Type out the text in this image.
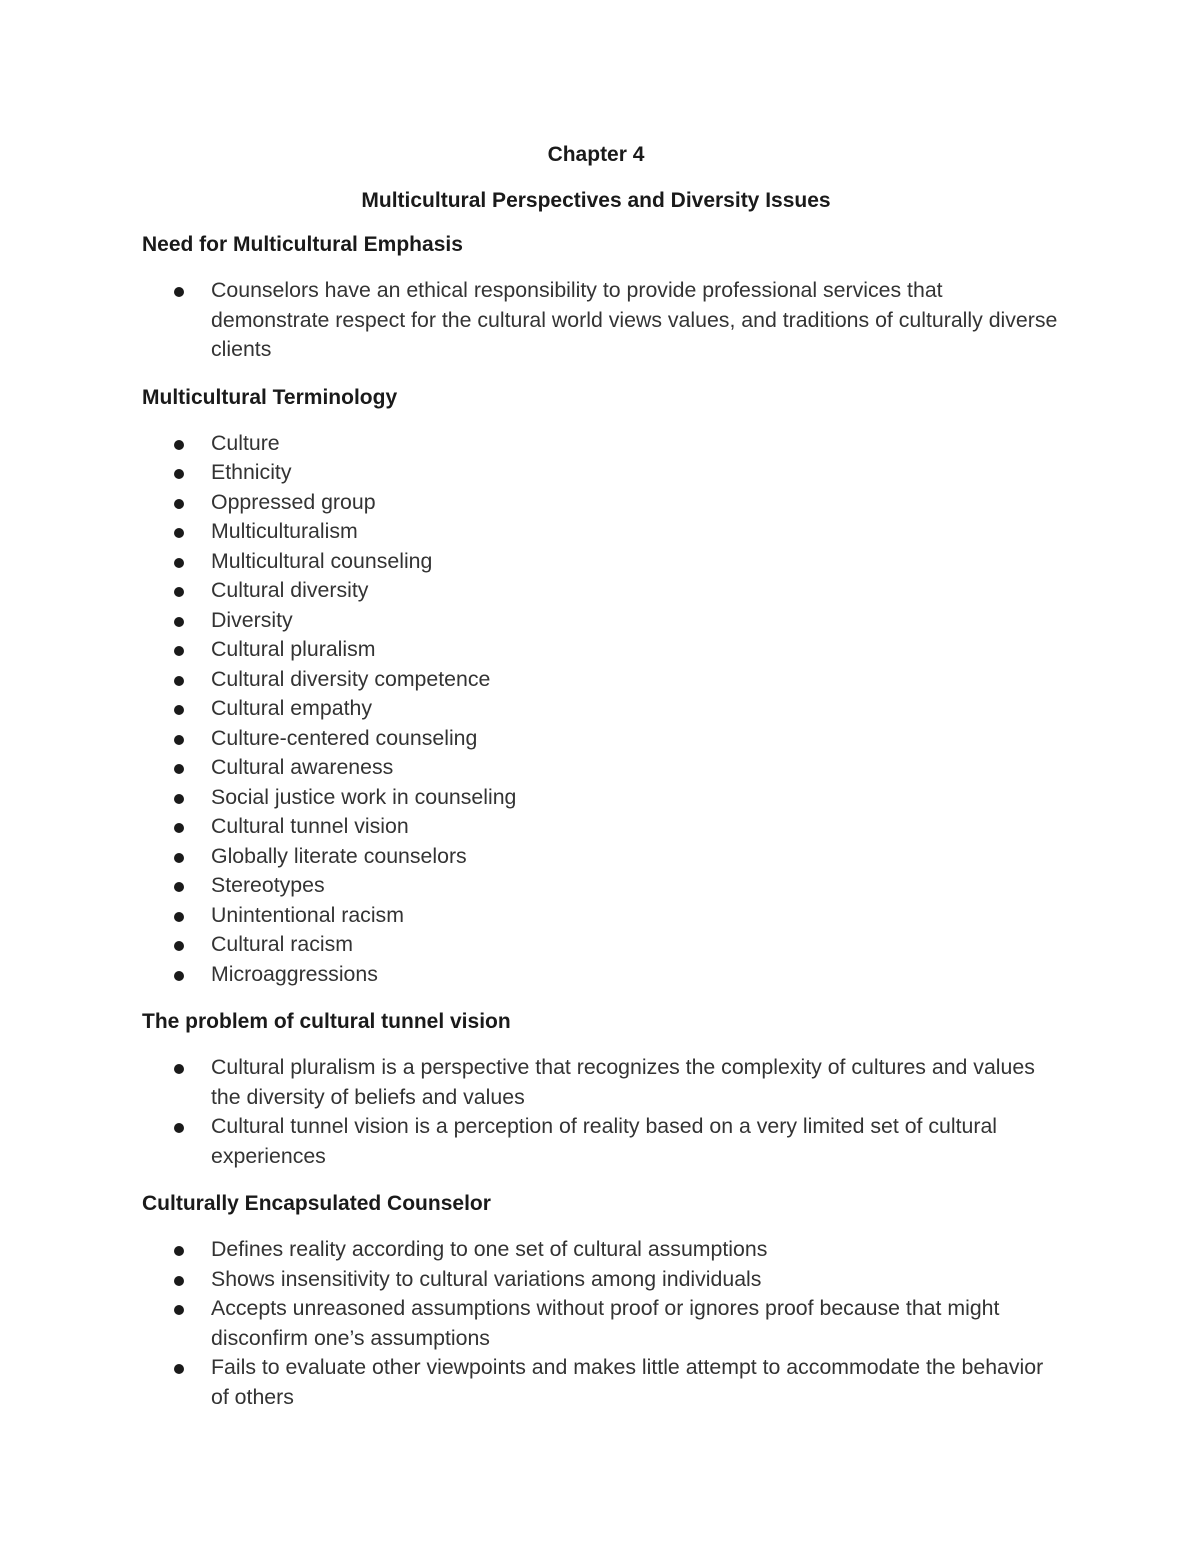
Chapter 4

Multicultural Perspectives and Diversity Issues

Need for Multicultural Emphasis
Counselors have an ethical responsibility to provide professional services that demonstrate respect for the cultural world views values, and traditions of culturally diverse clients
Multicultural Terminology
Culture
Ethnicity
Oppressed group
Multiculturalism
Multicultural counseling
Cultural diversity
Diversity
Cultural pluralism
Cultural diversity competence
Cultural empathy
Culture-centered counseling
Cultural awareness
Social justice work in counseling
Cultural tunnel vision
Globally literate counselors
Stereotypes
Unintentional racism
Cultural racism
Microaggressions
The problem of cultural tunnel vision
Cultural pluralism is a perspective that recognizes the complexity of cultures and values the diversity of beliefs and values
Cultural tunnel vision is a perception of reality based on a very limited set of cultural experiences
Culturally Encapsulated Counselor
Defines reality according to one set of cultural assumptions
Shows insensitivity to cultural variations among individuals
Accepts unreasoned assumptions without proof or ignores proof because that might disconfirm one’s assumptions
Fails to evaluate other viewpoints and makes little attempt to accommodate the behavior of others
